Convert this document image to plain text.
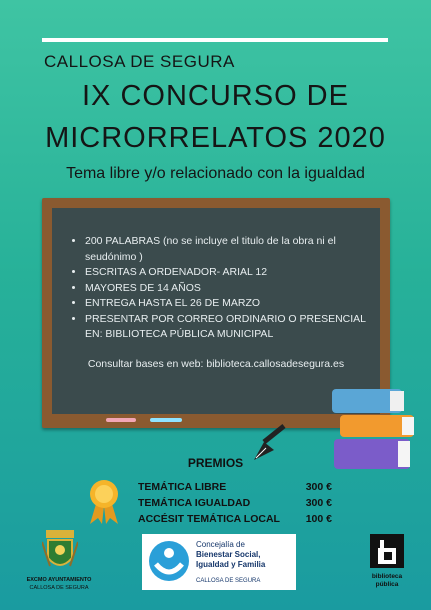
CALLOSA DE SEGURA
IX CONCURSO DE
MICRORRELATOS 2020
Tema libre y/o relacionado con la igualdad
• 200 PALABRAS (no se incluye el titulo de la obra ni el seudónimo )
• ESCRITAS A ORDENADOR- ARIAL 12
• MAYORES DE 14 AÑOS
• ENTREGA HASTA EL 26 DE MARZO
• PRESENTAR POR CORREO ORDINARIO O PRESENCIAL EN: BIBLIOTECA PÚBLICA MUNICIPAL
Consultar bases en web: biblioteca.callosadesegura.es
PREMIOS
TEMÁTICA LIBRE	300 €
TEMÁTICA IGUALDAD	300 €
ACCÉSIT TEMÁTICA LOCAL 100 €
EXCMO AYUNTAMIENTO
CALLOSA DE SEGURA
Concejalía de
Bienestar Social, Igualdad y Familia
CALLOSA DE SEGURA
biblioteca
pública
